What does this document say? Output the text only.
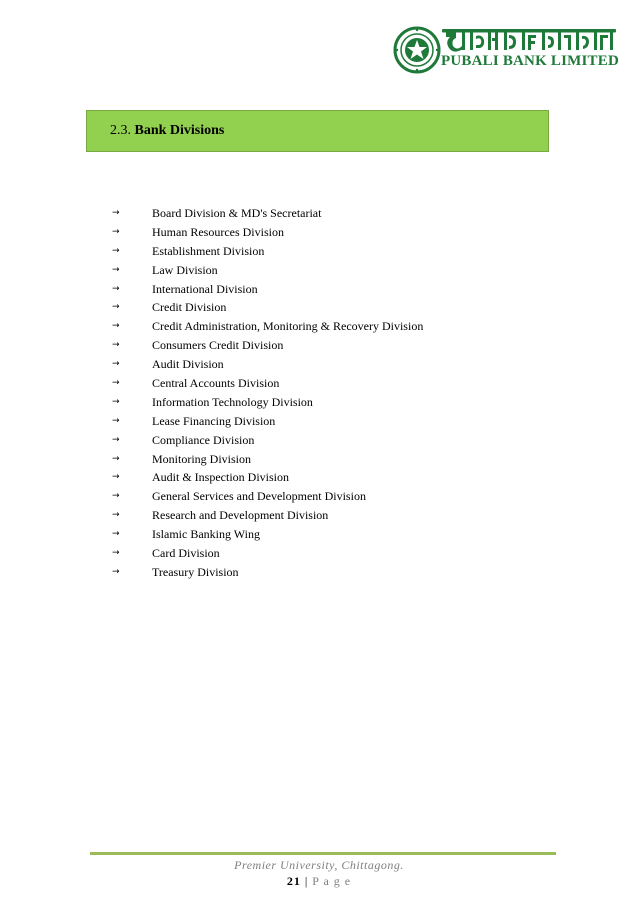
PUBALI BANK LIMITED
2.3. Bank Divisions
→	Board Division & MD's Secretariat
→	Human Resources Division
→	Establishment Division
→	Law Division
→	International Division
→	Credit Division
→	Credit Administration, Monitoring & Recovery Division
→	Consumers Credit Division
→	Audit Division
→	Central Accounts Division
→	Information Technology Division
→	Lease Financing Division
→	Compliance Division
→	Monitoring Division
→	Audit & Inspection Division
→	General Services and Development Division
→	Research and Development Division
→	Islamic Banking Wing
→	Card Division
→	Treasury Division
Premier University, Chittagong.
21 | P a g e
